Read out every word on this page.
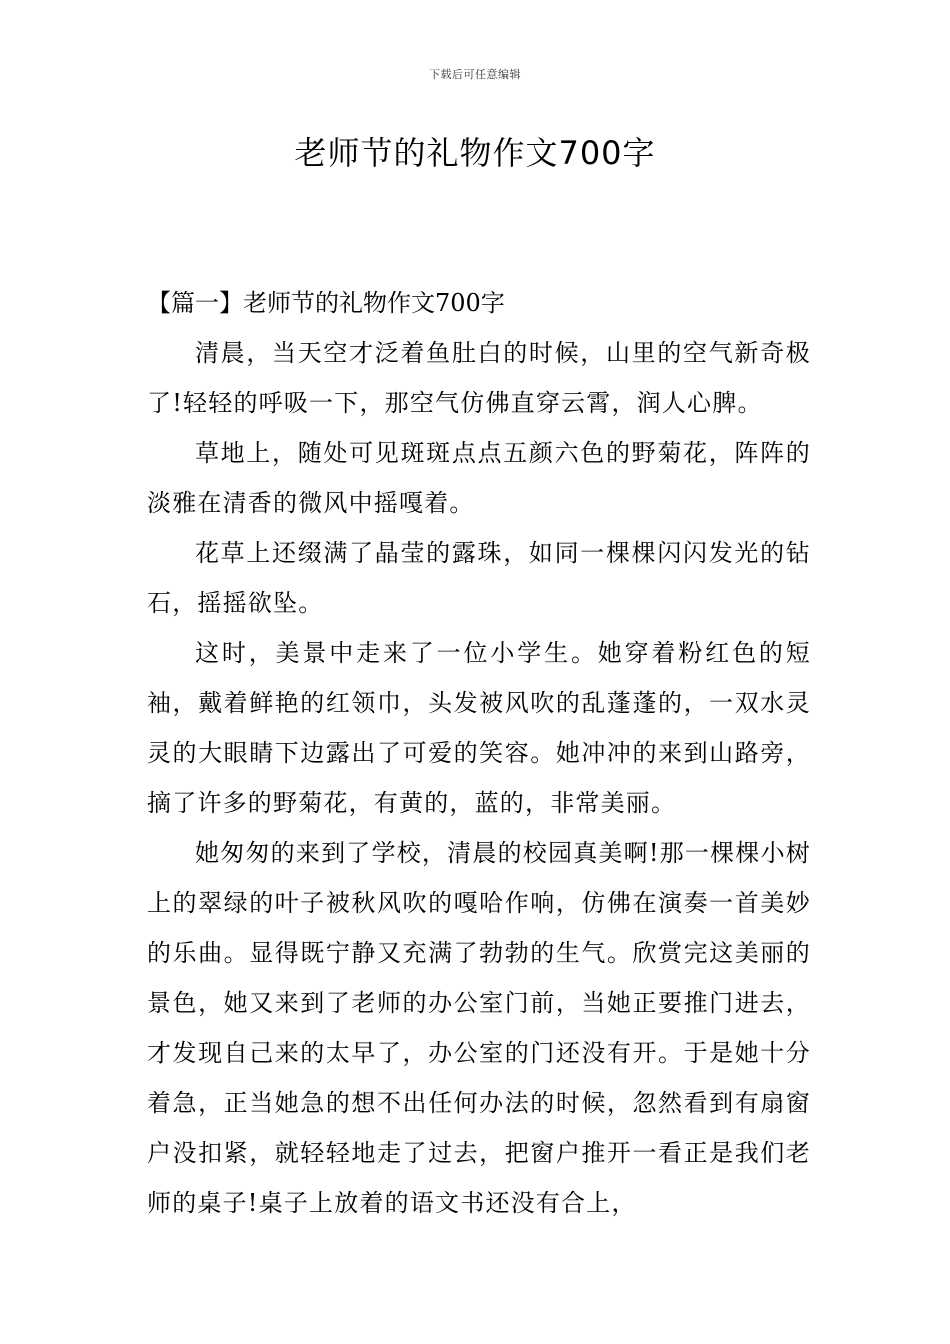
下载后可任意编辑
老师节的礼物作文700字

【篇一】老师节的礼物作文700字

清晨，当天空才泛着鱼肚白的时候，山里的空气新奇极了!轻轻的呼吸一下，那空气仿佛直穿云霄，润人心脾。

草地上，随处可见斑斑点点五颜六色的野菊花，阵阵的淡雅在清香的微风中摇嘎着。

花草上还缀满了晶莹的露珠，如同一棵棵闪闪发光的钻石，摇摇欲坠。

这时，美景中走来了一位小学生。她穿着粉红色的短袖，戴着鲜艳的红领巾，头发被风吹的乱蓬蓬的，一双水灵灵的大眼睛下边露出了可爱的笑容。她冲冲的来到山路旁，摘了许多的野菊花，有黄的，蓝的，非常美丽。

她匆匆的来到了学校，清晨的校园真美啊!那一棵棵小树上的翠绿的叶子被秋风吹的嘎哈作响，仿佛在演奏一首美妙的乐曲。显得既宁静又充满了勃勃的生气。欣赏完这美丽的景色，她又来到了老师的办公室门前，当她正要推门进去，才发现自己来的太早了，办公室的门还没有开。于是她十分着急，正当她急的想不出任何办法的时候，忽然看到有扇窗户没扣紧，就轻轻地走了过去，把窗户推开一看正是我们老师的桌子!桌子上放着的语文书还没有合上，
